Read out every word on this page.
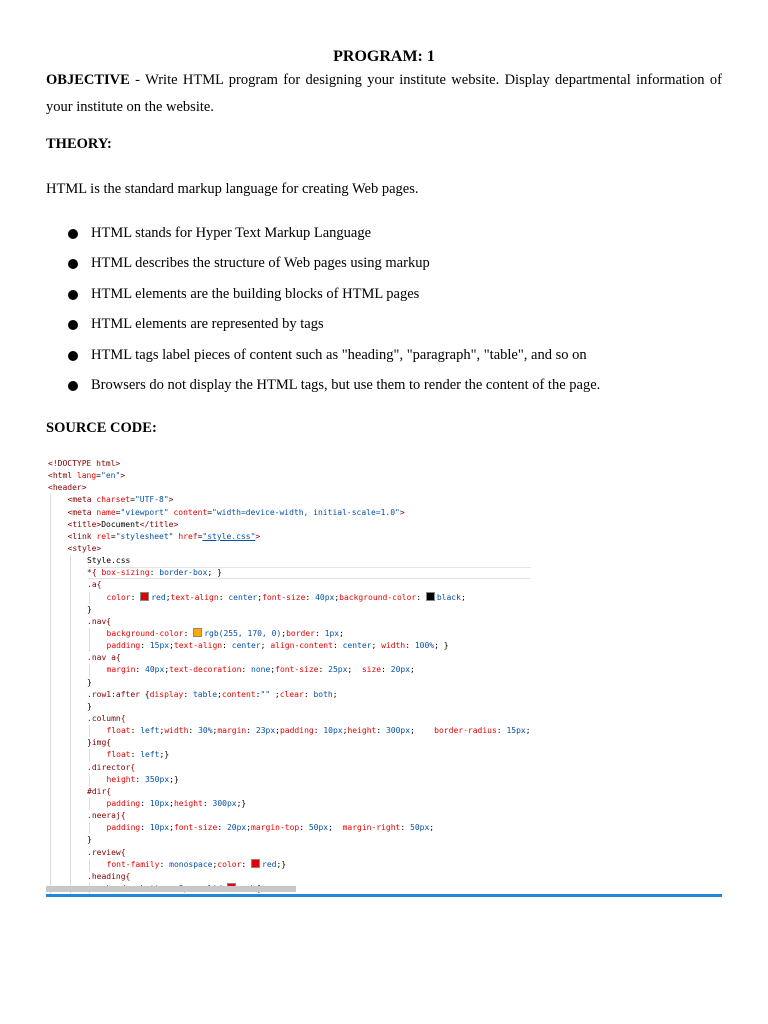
PROGRAM: 1
OBJECTIVE - Write HTML program for designing your institute website. Display departmental information of your institute on the website.
THEORY:
HTML is the standard markup language for creating Web pages.
HTML stands for Hyper Text Markup Language
HTML describes the structure of Web pages using markup
HTML elements are the building blocks of HTML pages
HTML elements are represented by tags
HTML tags label pieces of content such as "heading", "paragraph", "table", and so on
Browsers do not display the HTML tags, but use them to render the content of the page.
SOURCE CODE:
<!DOCTYPE html>
<html lang="en">
<header>
<meta charset="UTF-8">
<meta name="viewport" content="width=device-width, initial-scale=1.0">
<title>Document</title>
<link rel="stylesheet" href="style.css">
<style>
Style.css
*{ box-sizing: border-box; }
.a{
color: red;text-align: center;font-size: 40px;background-color: black;
}
.nav{
background-color: rgb(255, 170, 0);border: 1px;
padding: 15px;text-align: center; align-content: center; width: 100%; }
.nav a{
margin: 40px;text-decoration: none;font-size: 25px;  size: 20px;
}
.row1:after {display: table;content:"" ;clear: both;
}
.column{
float: left;width: 30%;margin: 23px;padding: 10px;height: 300px;    border-radius: 15px;
}img{
float: left;}
.director{
height: 350px;}
#dir{
padding: 10px;height: 300px;}
.neeraj{
padding: 10px;font-size: 20px;margin-top: 50px;  margin-right: 50px;
}
.review{
font-family: monospace;color: red;}
.heading{
